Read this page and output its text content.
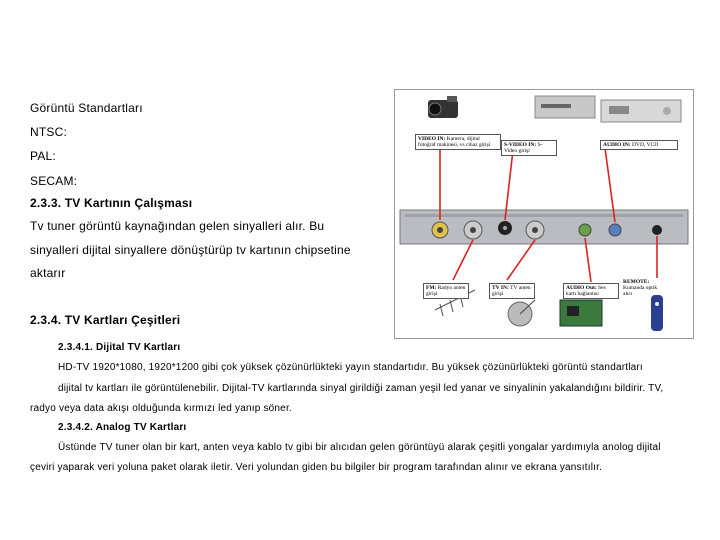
Görüntü Standartları
NTSC:
PAL:
SECAM:
2.3.3. TV Kartının Çalışması
Tv tuner görüntü kaynağından gelen sinyalleri alır. Bu
sinyalleri dijital sinyallere dönüştürüp tv kartının chipsetine
aktarır
2.3.4. TV Kartları Çeşitleri
2.3.4.1. Dijital TV Kartları
HD-TV 1920*1080, 1920*1200 gibi çok yüksek çözünürlükteki yayın standartıdır. Bu yüksek çözünürlükteki görüntü standartları
dijital tv kartları ile görüntülenebilir. Dijital-TV kartlarında sinyal girildiği zaman yeşil led yanar ve sinyalinin yakalandığını bildirir. TV,
radyo veya data akışı olduğunda kırmızı led yanıp söner.
2.3.4.2. Analog TV Kartları
Üstünde TV tuner olan bir kart, anten veya kablo tv gibi bir alıcıdan gelen görüntüyü alarak çeşitli yongalar yardımıyla anolog dijital
çeviri yaparak veri yoluna paket olarak iletir. Veri yolundan giden bu bilgiler bir program tarafından alınır ve ekrana yansıtılır.
VIDEO IN: Kamera, dijital fotoğraf makinesi, vs cihaz girişi	S-VIDEO IN: S-Video girişi
AUDIO IN: DVD, VCD
FM: Radyo anten girişi
TV IN: TV anten girişi
AUDIO Out: Ses kartı bağlantısı
REMOTE: Kumanda optik alıcı
